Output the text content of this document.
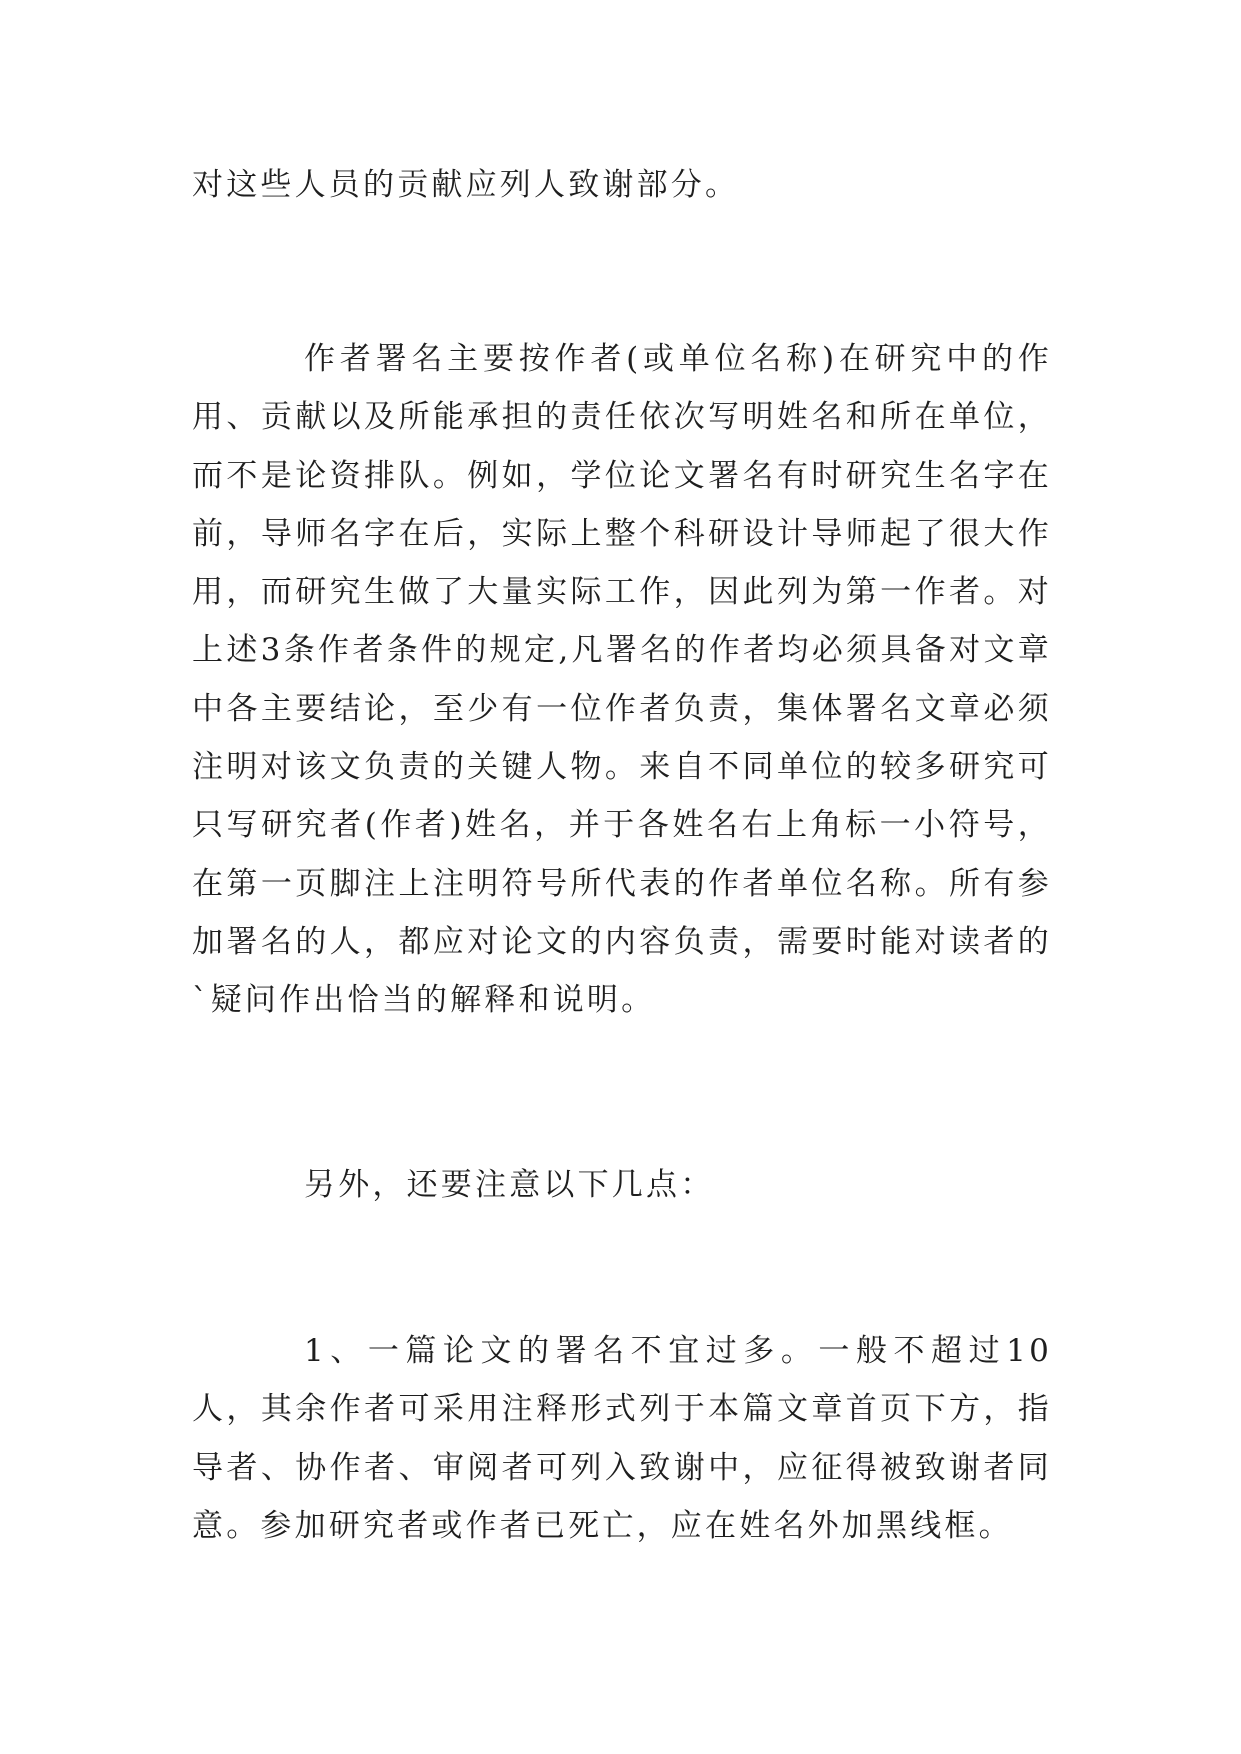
对这些人员的贡献应列人致谢部分。

作者署名主要按作者(或单位名称)在研究中的作用、贡献以及所能承担的责任依次写明姓名和所在单位，而不是论资排队。例如，学位论文署名有时研究生名字在前，导师名字在后，实际上整个科研设计导师起了很大作用，而研究生做了大量实际工作，因此列为第一作者。对上述3条作者条件的规定,凡署名的作者均必须具备对文章中各主要结论，至少有一位作者负责，集体署名文章必须注明对该文负责的关键人物。来自不同单位的较多研究可只写研究者(作者)姓名，并于各姓名右上角标一小符号，在第一页脚注上注明符号所代表的作者单位名称。所有参加署名的人，都应对论文的内容负责，需要时能对读者的`疑问作出恰当的解释和说明。

另外，还要注意以下几点：

1、一篇论文的署名不宜过多。一般不超过10人，其余作者可采用注释形式列于本篇文章首页下方，指导者、协作者、审阅者可列入致谢中，应征得被致谢者同意。参加研究者或作者已死亡，应在姓名外加黑线框。
